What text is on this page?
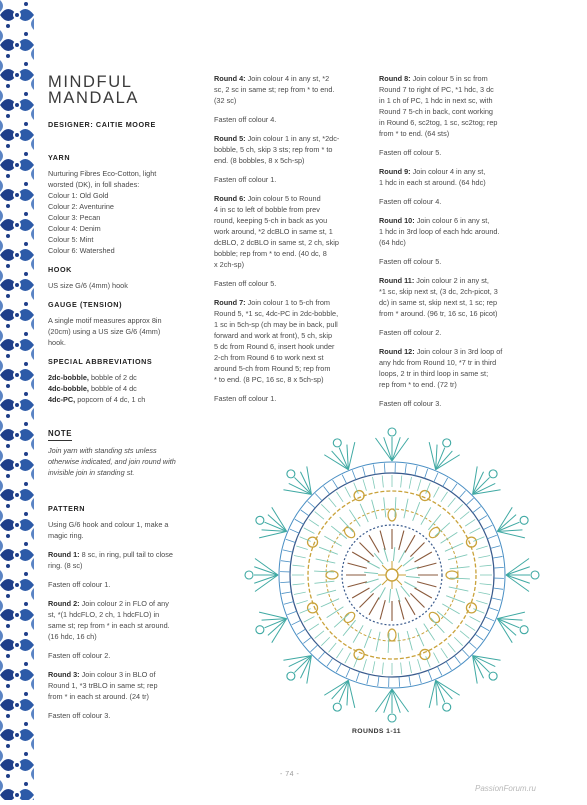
MINDFUL
MANDALA
DESIGNER: CAITIE MOORE
YARN

Nurturing Fibres Eco-Cotton, light
worsted (DK), in foll shades:
Colour 1: Old Gold
Colour 2: Aventurine
Colour 3: Pecan
Colour 4: Denim
Colour 5: Mint
Colour 6: Watershed

HOOK

US size G/6 (4mm) hook

GAUGE (TENSION)

A single motif measures approx 8in
(20cm) using a US size G/6 (4mm)
hook.

SPECIAL ABBREVIATIONS

2dc-bobble, bobble of 2 dc
4dc-bobble, bobble of 4 dc
4dc-PC, popcorn of 4 dc, 1 ch

NOTE

Join yarn with standing sts unless
otherwise indicated, and join round with
invisible join in standing st.

PATTERN

Using G/6 hook and colour 1, make a
magic ring.

Round 1: 8 sc, in ring, pull tail to close
ring. (8 sc)

Fasten off colour 1.

Round 2: Join colour 2 in FLO of any
st, *(1 hdcFLO, 2 ch, 1 hdcFLO) in
same st; rep from * in each st around.
(16 hdc, 16 ch)

Fasten off colour 2.

Round 3: Join colour 3 in BLO of
Round 1, *3 trBLO in same st; rep
from * in each st around. (24 tr)

Fasten off colour 3.

Round 4: Join colour 4 in any st, *2
sc, 2 sc in same st; rep from * to end.
(32 sc)

Fasten off colour 4.

Round 5: Join colour 1 in any st, *2dc-
bobble, 5 ch, skip 3 sts; rep from * to
end. (8 bobbles, 8 x 5ch-sp)

Fasten off colour 1.

Round 6: Join colour 5 to Round
4 in sc to left of bobble from prev
round, keeping 5-ch in back as you
work around, *2 dcBLO in same st, 1
dcBLO, 2 dcBLO in same st, 2 ch, skip
bobble; rep from * to end. (40 dc, 8
x 2ch-sp)

Fasten off colour 5.

Round 7: Join colour 1 to 5-ch from
Round 5, *1 sc, 4dc-PC in 2dc-bobble,
1 sc in 5ch-sp (ch may be in back, pull
forward and work at front), 5 ch, skip
5 dc from Round 6, insert hook under
2-ch from Round 6 to work next st
around 5-ch from Round 5; rep from
* to end. (8 PC, 16 sc, 8 x 5ch-sp)

Fasten off colour 1.

Round 8: Join colour 5 in sc from
Round 7 to right of PC, *1 hdc, 3 dc
in 1 ch of PC, 1 hdc in next sc, with
Round 7 5-ch in back, cont working
in Round 6, sc2tog, 1 sc, sc2tog; rep
from * to end. (64 sts)

Fasten off colour 5.

Round 9: Join colour 4 in any st,
1 hdc in each st around. (64 hdc)

Fasten off colour 4.

Round 10: Join colour 6 in any st,
1 hdc in 3rd loop of each hdc around.
(64 hdc)

Fasten off colour 5.

Round 11: Join colour 2 in any st,
*1 sc, skip next st, (3 dc, 2ch-picot, 3
dc) in same st, skip next st, 1 sc; rep
from * around. (96 tr, 16 sc, 16 picot)

Fasten off colour 2.

Round 12: Join colour 3 in 3rd loop of
any hdc from Round 10, *7 tr in third
loops, 2 tr in third loop in same st;
rep from * to end. (72 tr)

Fasten off colour 3.

ROUNDS 1-11
- 74 -
PassionForum.ru
